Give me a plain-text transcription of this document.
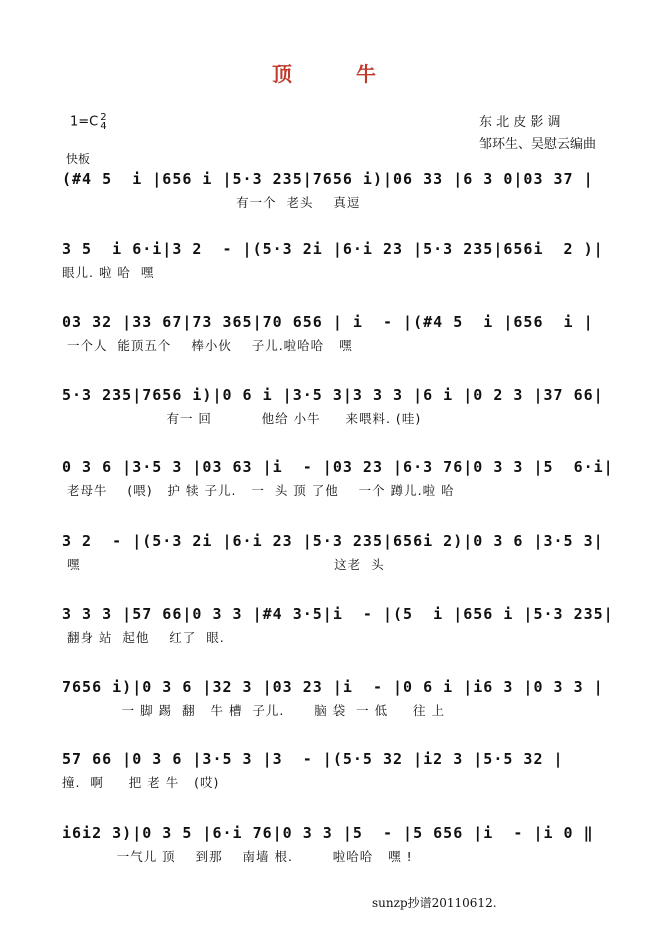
顶　牛
1=C 2
4	东 北 皮 影 调
邹环生、吴慰云编曲
快板
(#4 5  i |656 i |5·3 235|7656 i)|06 33 |6 3 0|03 37 |
有一个  老头    真逗
3 5  i 6·i|3 2  - |(5·3 2i |6·i 23 |5·3 235|656i  2 )|
眼儿. 啦 哈  嘿
03 32 |33 67|73 365|70 656 | i  - |(#4 5  i |656  i |
一个人  能顶五个    棒小伙    子儿.啦哈哈   嘿
5·3 235|7656 i)|0 6 i |3·5 3|3 3 3 |6 i |0 2 3 |37 66|
有一 回          他给 小牛     来喂料. (哇)
0 3 6 |3·5 3 |03 63 |i  - |03 23 |6·3 76|0 3 3 |5  6·i|
老母牛    (喂)   护 犊 子儿.   一  头 顶 了他    一个 蹲儿.啦 哈
3 2  - |(5·3 2i |6·i 23 |5·3 235|656i 2)|0 3 6 |3·5 3|
嘿                                                   这老  头
3 3 3 |57 66|0 3 3 |#4 3·5|i  - |(5  i |656 i |5·3 235|
翻身 站  起他    红了  眼.
7656 i)|0 3 6 |32 3 |03 23 |i  - |0 6 i |i6 3 |0 3 3 |
一 脚 踢  翻   牛 槽  子儿.      脑 袋  一 低     往 上
57 66 |0 3 6 |3·5 3 |3  - |(5·5 32 |i2 3 |5·5 32 |
撞.  啊     把 老 牛   (哎)
i6i2 3)|0 3 5 |6·i 76|0 3 3 |5  - |5 656 |i  - |i 0 ‖
一气儿 顶    到那    南墙 根.        啦哈哈   嘿 !
sunzp抄谱20110612.
